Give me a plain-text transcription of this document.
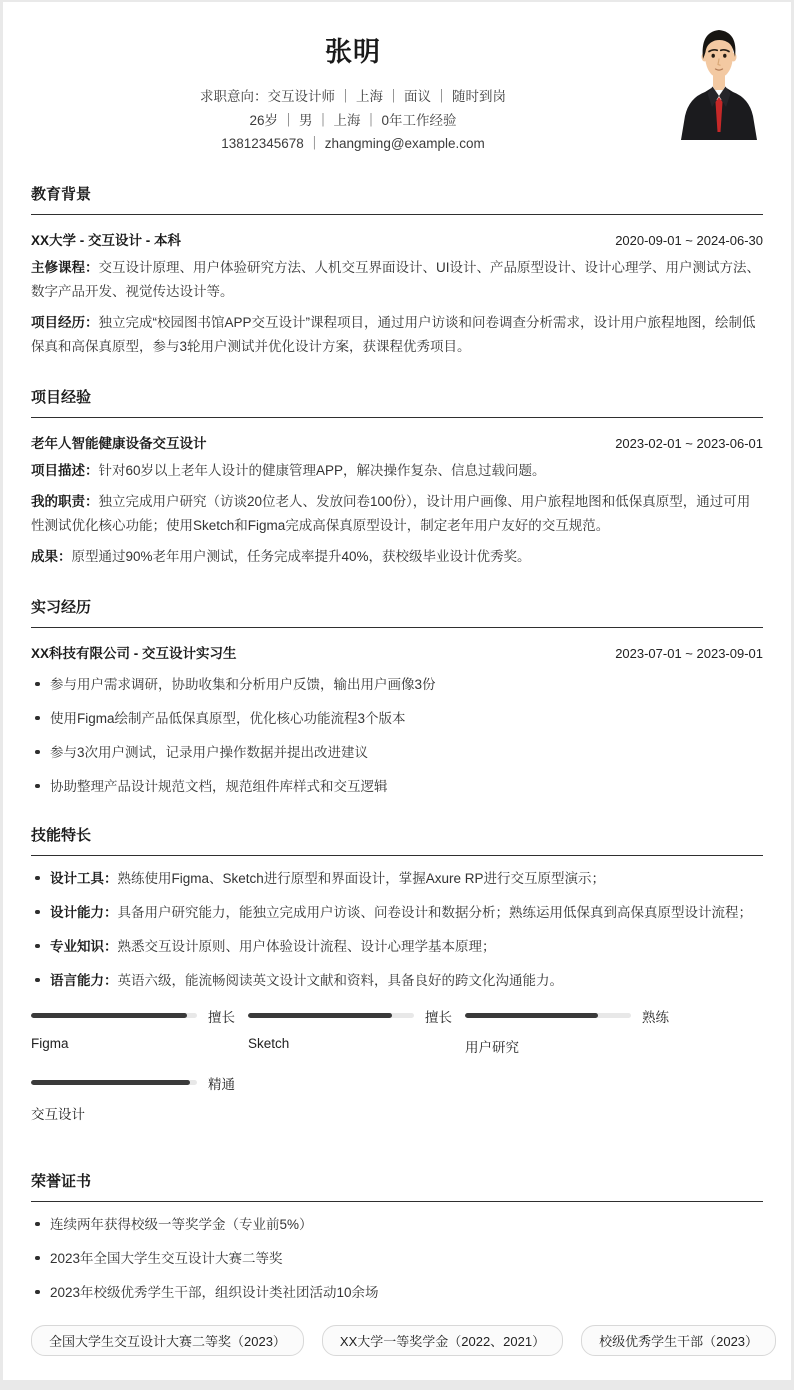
张明
求职意向：交互设计师 ｜ 上海 ｜ 面议 ｜ 随时到岗
26岁 ｜ 男 ｜ 上海 ｜ 0年工作经验
13812345678 ｜ zhangming@example.com
教育背景
XX大学 - 交互设计 - 本科	2020-09-01 ~ 2024-06-30

主修课程：交互设计原理、用户体验研究方法、人机交互界面设计、UI设计、产品原型设计、设计心理学、用户测试方法、数字产品开发、视觉传达设计等。

项目经历：独立完成“校园图书馆APP交互设计”课程项目，通过用户访谈和问卷调查分析需求，设计用户旅程地图，绘制低保真和高保真原型，参与3轮用户测试并优化设计方案，获课程优秀项目。

项目经验
老年人智能健康设备交互设计	2023-02-01 ~ 2023-06-01

项目描述：针对60岁以上老年人设计的健康管理APP，解决操作复杂、信息过载问题。

我的职责：独立完成用户研究（访谈20位老人、发放问卷100份），设计用户画像、用户旅程地图和低保真原型，通过可用性测试优化核心功能；使用Sketch和Figma完成高保真原型设计，制定老年用户友好的交互规范。

成果：原型通过90%老年用户测试，任务完成率提升40%，获校级毕业设计优秀奖。

实习经历
XX科技有限公司 - 交互设计实习生	2023-07-01 ~ 2023-09-01
参与用户需求调研，协助收集和分析用户反馈，输出用户画像3份
使用Figma绘制产品低保真原型，优化核心功能流程3个版本
参与3次用户测试，记录用户操作数据并提出改进建议
协助整理产品设计规范文档，规范组件库样式和交互逻辑
技能特长
设计工具：熟练使用Figma、Sketch进行原型和界面设计，掌握Axure RP进行交互原型演示；
设计能力：具备用户研究能力，能独立完成用户访谈、问卷设计和数据分析；熟练运用低保真到高保真原型设计流程；
专业知识：熟悉交互设计原则、用户体验设计流程、设计心理学基本原理；
语言能力：英语六级，能流畅阅读英文设计文献和资料，具备良好的跨文化沟通能力。
擅长
Figma
擅长
Sketch
熟练
用户研究
精通
交互设计
荣誉证书
连续两年获得校级一等奖学金（专业前5%）
2023年全国大学生交互设计大赛二等奖
2023年校级优秀学生干部，组织设计类社团活动10余场
全国大学生交互设计大赛二等奖（2023）	XX大学一等奖学金（2022、2021）	校级优秀学生干部（2023）
